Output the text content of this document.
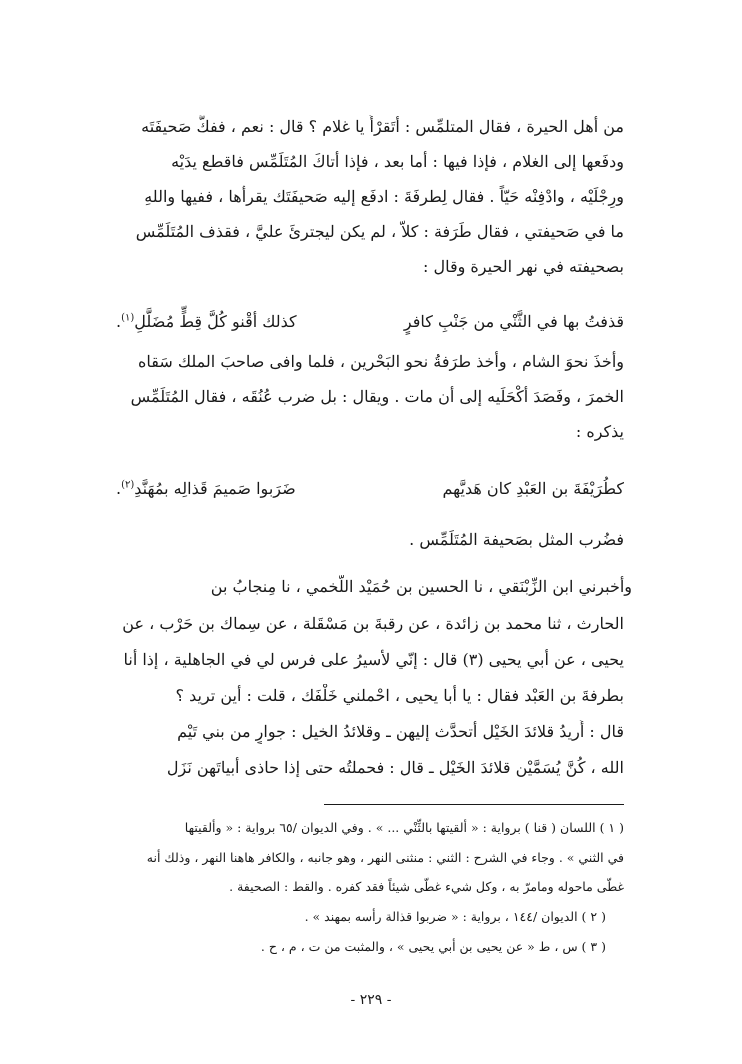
من أهل الحيرة ، فقال المتلمِّس : أتَقرْأُ يا غلام ؟ قال : نعم ، ففكَّ صَحيفَتَه
ودفَعها إلى الغلام ، فإذا فيها : أما بعد ، فإذا أتاكَ المُتَلَمِّس فاقطع يدَيْه
ورِجْلَيْه ، وادْفِنْه حَيّاً . فقال لِطرفَةَ : ادفَع إليه صَحيفَتَك يقرأْها ، ففيها واللهِ
ما في صَحيفتي ، فقال طَرَفة : كلاّ ، لم يكن ليجترئَ عليَّ ، فقذف المُتَلَمِّس
بصحيفته في نهر الحيرة وقال :
قذفتُ بها في الثَّنْي من جَنْبِ كافرٍ
كذلك أقْنو كُلَّ قِطٍّ مُضَلَّلِ$^{(١)}$.
وأخذَ نحوَ الشام ، وأخذ طرَفةُ نحو البَحْرين ، فلما وافى صاحبَ الملك سَقاه
الخمرَ ، وفَصَدَ أكْحَلَيه إلى أن مات . ويقال : بل ضرب عُنُقَه ، فقال المُتَلَمِّس
يذكره :
كطُرَيْفَةَ بن العَبْدِ كان هَديَّهم
ضَرَبوا صَميمَ قَذالِه بمُهَنَّدِ$^{(٢)}$.
فضُرب المثل بصَحيفة المُتَلَمِّس .
وأخبرني ابن الزِّبْنَقي ، نا الحسين بن حُمَيْد اللَّخمي ، نا مِنجابُ بن
الحارث ، ثنا محمد بن زائدة ، عن رقبةَ بن مَسْقَلة ، عن سِماك بن حَرْب ، عن
يحيى ، عن أبي يحيى (٣) قال : إنّي لأسيرُ على فرس لي في الجاهلية ، إذا أنا
بطرفةَ بن العَبْد فقال : يا أبا يحيى ، احْملني خَلْفَك ، قلت : أين تريد ؟
قال : أُريدُ قلائدَ الخَيْل أتحدَّث إليهن ـ وقلائدُ الخيل : جوارٍ من بني تَيْم
الله ، كُنَّ يُسَمَّيْن قلائدَ الخَيْل ـ قال : فحملتُه حتى إذا حاذى أبياتَهن نَزَل
( ١ ) اللسان ( قنا ) برواية : « ألقيتها بالثِّنْي ... » . وفي الديوان /٦٥ برواية : « وألقيتها
في الثني » . وجاء في الشرح : الثني : منثنى النهر ، وهو جانبه ، والكافر هاهنا النهر ، وذلك أنه
غطّى ماحوله ومامرّ به ، وكل شيء غطّى شيئاً فقد كفره . والقط : الصحيفة .
( ٢ ) الديوان /١٤٤ ، برواية : « ضربوا قذالة رأسه بمهند » .
( ٣ ) س ، ط « عن يحيى بن أبي يحيى » ، والمثبت من ت ، م ، ح .
- ٢٢٩ -
